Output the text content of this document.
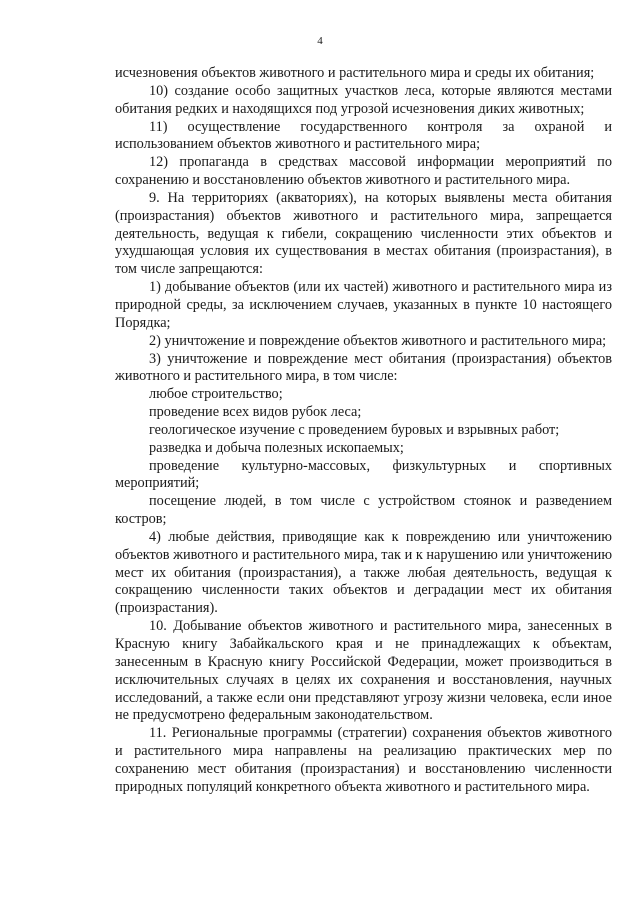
4

исчезновения объектов животного и растительного мира и среды их обитания;

10) создание особо защитных участков леса, которые являются местами обитания редких и находящихся под угрозой исчезновения диких животных;

11) осуществление государственного контроля за охраной и использованием объектов животного и растительного мира;

12) пропаганда в средствах массовой информации мероприятий по сохранению и восстановлению объектов животного и растительного мира.

9. На территориях (акваториях), на которых выявлены места обитания (произрастания) объектов животного и растительного мира, запрещается деятельность, ведущая к гибели, сокращению численности этих объектов и ухудшающая условия их существования в местах обитания (произрастания), в том числе запрещаются:

1) добывание объектов (или их частей) животного и растительного мира из природной среды, за исключением случаев, указанных в пункте 10 настоящего Порядка;

2) уничтожение и повреждение объектов животного и растительного мира;

3) уничтожение и повреждение мест обитания (произрастания) объектов животного и растительного мира, в том числе:

любое строительство;

проведение всех видов рубок леса;

геологическое изучение с проведением буровых и взрывных работ;

разведка и добыча полезных ископаемых;

проведение культурно-массовых, физкультурных и спортивных мероприятий;

посещение людей, в том числе с устройством стоянок и разведением костров;

4) любые действия, приводящие как к повреждению или уничтожению объектов животного и растительного мира, так и к нарушению или уничтожению мест их обитания (произрастания), а также любая деятельность, ведущая к сокращению численности таких объектов и деградации мест их обитания (произрастания).

10. Добывание объектов животного и растительного мира, занесенных в Красную книгу Забайкальского края и не принадлежащих к объектам, занесенным в Красную книгу Российской Федерации, может производиться в исключительных случаях в целях их сохранения и восстановления, научных исследований, а также если они представляют угрозу жизни человека, если иное не предусмотрено федеральным законодательством.

11. Региональные программы (стратегии) сохранения объектов животного и растительного мира направлены на реализацию практических мер по сохранению мест обитания (произрастания) и восстановлению численности природных популяций конкретного объекта животного и растительного мира.
